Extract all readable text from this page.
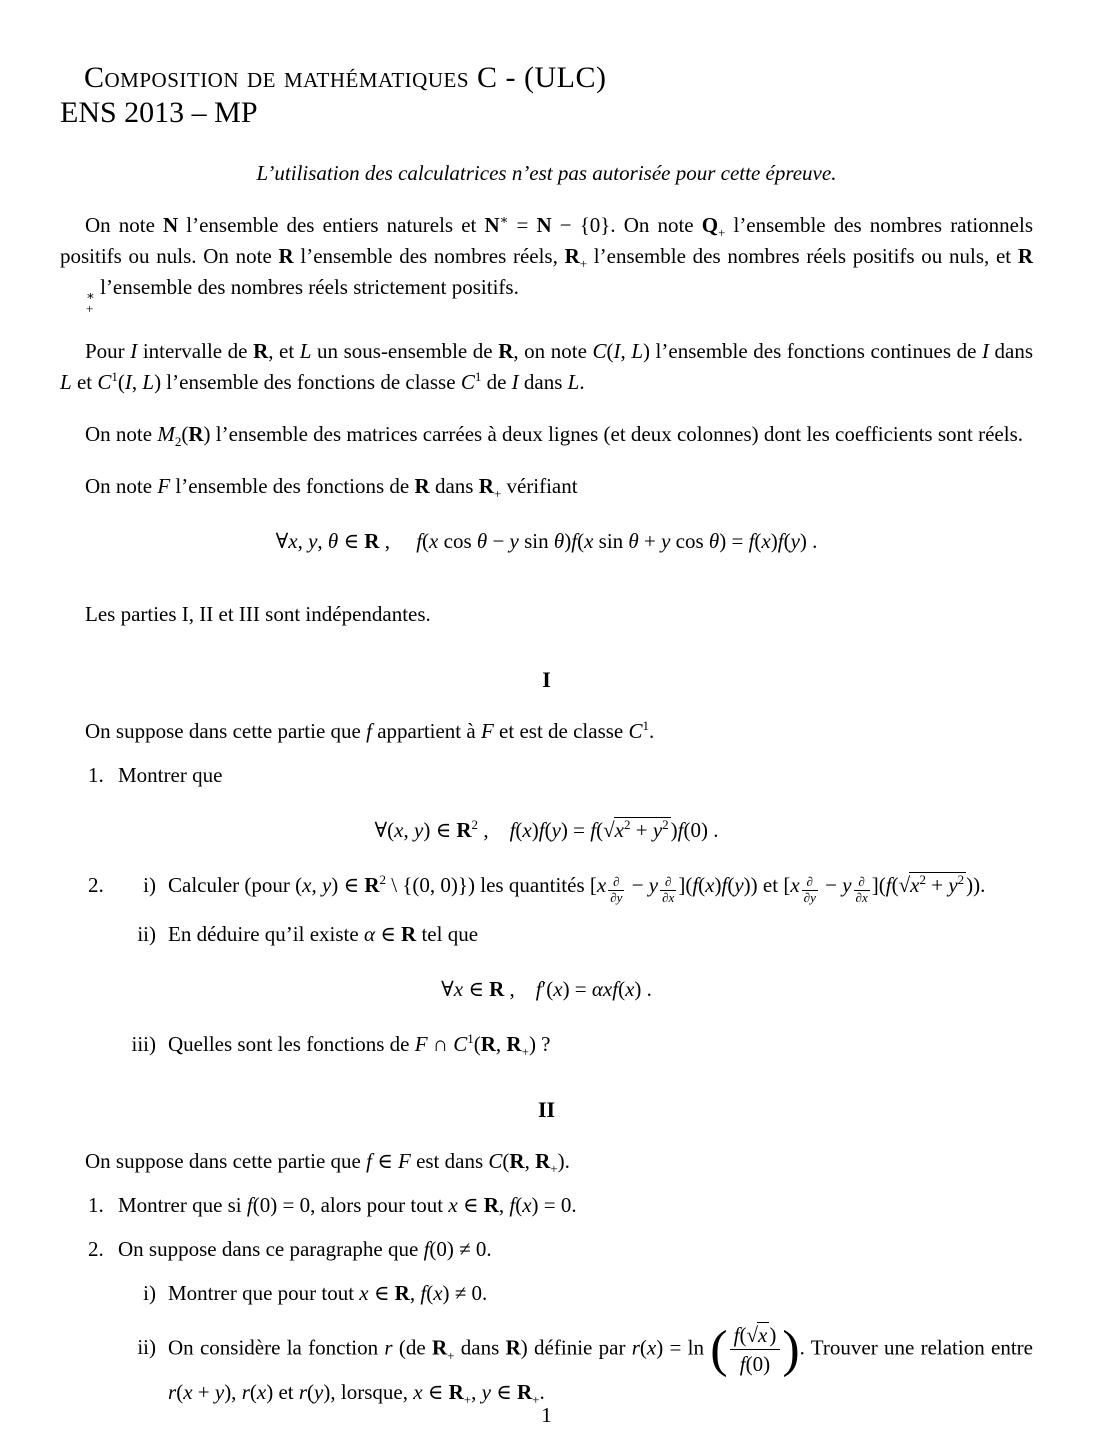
Composition de mathématiques C - (ULC)
ENS 2013 – MP
L’utilisation des calculatrices n’est pas autorisée pour cette épreuve.

On note N l’ensemble des entiers naturels et N∗ = N − {0}. On note $Q_+$ l’ensemble des nombres rationnels positifs ou nuls. On note R l’ensemble des nombres réels, $R_+$ l’ensemble des nombres réels positifs ou nuls, et R
∗
+
l’ensemble des nombres réels strictement positifs.

Pour I intervalle de R, et L un sous-ensemble de R, on note C(I, L) l’ensemble des fonctions continues de I dans L et $C^1(I$, L) l’ensemble des fonctions de classe $C^1$ de I dans L.

On note $M_2(R)$ l’ensemble des matrices carrées à deux lignes (et deux colonnes) dont les coefficients sont réels.

On note F l’ensemble des fonctions de R dans $R_+$ vérifiant

∀x, y, θ ∈ R ,     f(x cos θ − y sin θ)f(x sin θ + y cos θ) = f(x)f(y) .

Les parties I, II et III sont indépendantes.

I

On suppose dans cette partie que f appartient à F et est de classe $C^1$.

1. Montrer que
∀(x, y) ∈ $R^2$ ,    $f(x)f(y) = f(√x^2 + y^2)f(0)$ .
2.	i) Calculer (pour (x, y) ∈ $R^2$ \ {(0, 0)}) les quantités [x ∂
∂y
− y ∂
∂x
](f(x)f(y)) et [x ∂
∂y
− y ∂
∂x
]$(f(√x^2 + y^2))$.
ii) En déduire qu’il existe α ∈ R tel que
∀x ∈ R ,    f′(x) = αxf(x) .
iii) Quelles sont les fonctions de F ∩ $C^1(R$, $R_+$) ?
II

On suppose dans cette partie que f ∈ F est dans C(R, $R_+$).

1. Montrer que si f(0) = 0, alors pour tout x ∈ R, f(x) = 0.
2. On suppose dans ce paragraphe que f(0) ≠ 0.
i) Montrer que pour tout x ∈ R, f(x) ≠ 0.
ii) On considère la fonction r (de $R_+$ dans R) définie par r(x) = ln ( $\frac{f(√x)}{f(0)}$ ). Trouver une relation entre r(x + y), r(x) et r(y), lorsque, x ∈ $R_+$, y ∈ $R_+$.
1
